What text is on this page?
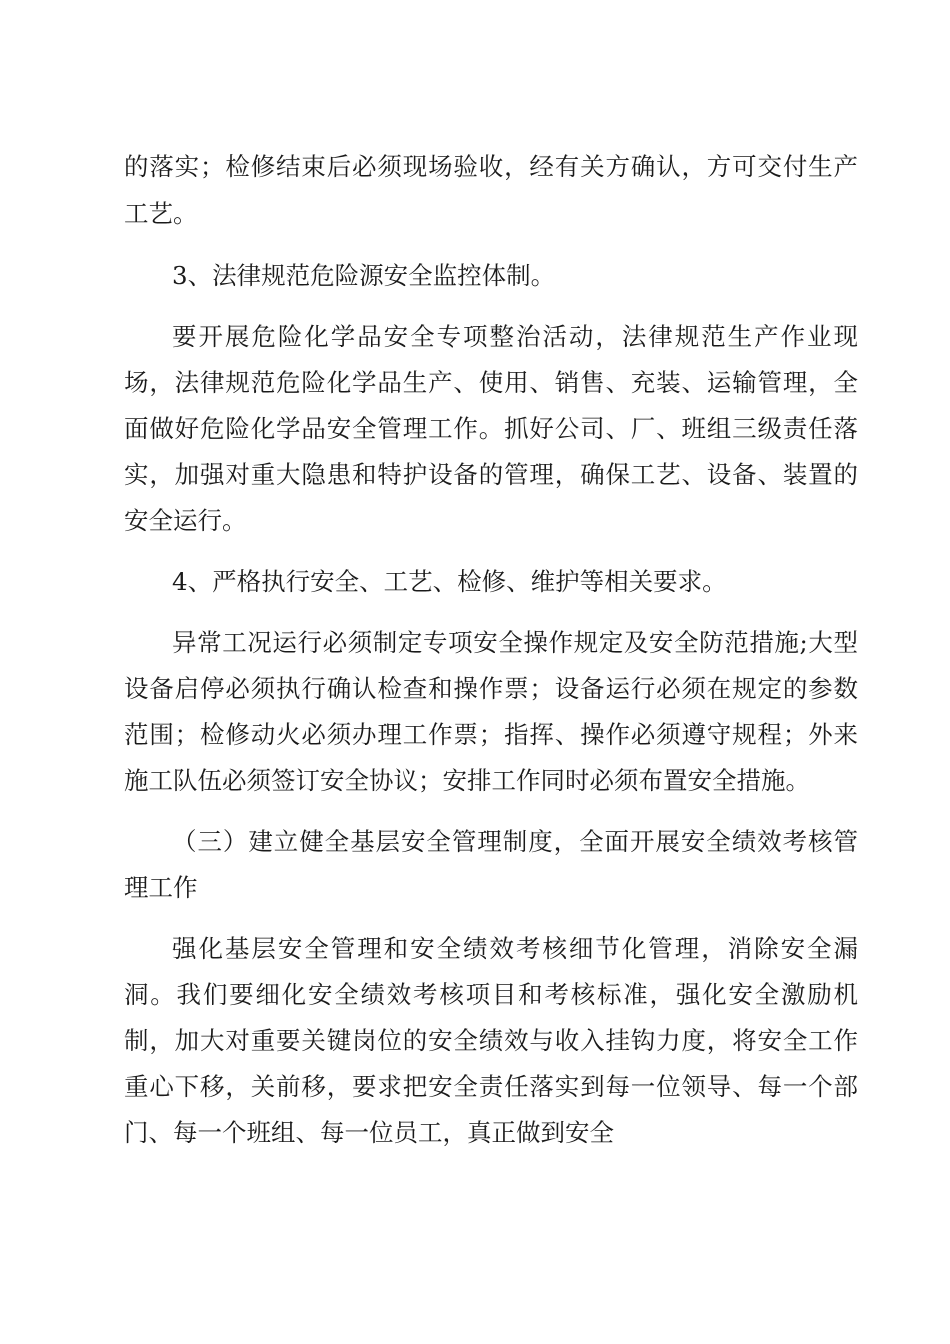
的落实；检修结束后必须现场验收，经有关方确认，方可交付生产
工艺。
3、法律规范危险源安全监控体制。
要开展危险化学品安全专项整治活动，法律规范生产作业现
场，法律规范危险化学品生产、使用、销售、充装、运输管理，全
面做好危险化学品安全管理工作。抓好公司、厂、班组三级责任落
实，加强对重大隐患和特护设备的管理，确保工艺、设备、装置的
安全运行。
4、严格执行安全、工艺、检修、维护等相关要求。
异常工况运行必须制定专项安全操作规定及安全防范措施;大型
设备启停必须执行确认检查和操作票；设备运行必须在规定的参数
范围；检修动火必须办理工作票；指挥、操作必须遵守规程；外来
施工队伍必须签订安全协议；安排工作同时必须布置安全措施。
（三）建立健全基层安全管理制度，全面开展安全绩效考核管
理工作
强化基层安全管理和安全绩效考核细节化管理，消除安全漏
洞。我们要细化安全绩效考核项目和考核标准，强化安全激励机
制，加大对重要关键岗位的安全绩效与收入挂钩力度，将安全工作
重心下移，关前移，要求把安全责任落实到每一位领导、每一个部
门、每一个班组、每一位员工，真正做到安全
